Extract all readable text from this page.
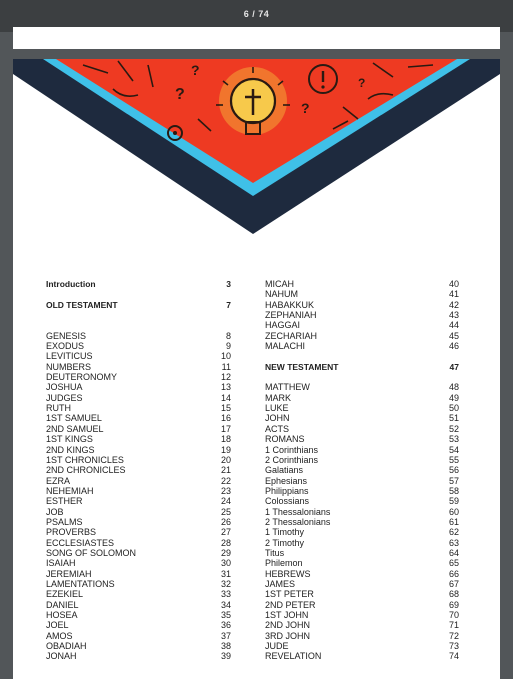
6 / 74
?
?
?
?
Introduction	3
OLD TESTAMENT	7
GENESIS	8
EXODUS	9
LEVITICUS	10
NUMBERS	11
DEUTERONOMY	12
JOSHUA	13
JUDGES	14
RUTH	15
1ST SAMUEL	16
2ND SAMUEL	17
1ST KINGS	18
2ND KINGS	19
1ST CHRONICLES	20
2ND CHRONICLES	21
EZRA	22
NEHEMIAH	23
ESTHER	24
JOB	25
PSALMS	26
PROVERBS	27
ECCLESIASTES	28
SONG OF SOLOMON	29
ISAIAH	30
JEREMIAH	31
LAMENTATIONS	32
EZEKIEL	33
DANIEL	34
HOSEA	35
JOEL	36
AMOS	37
OBADIAH	38
JONAH	39
MICAH	40
NAHUM	41
HABAKKUK	42
ZEPHANIAH	43
HAGGAI	44
ZECHARIAH	45
MALACHI	46
NEW TESTAMENT	47
MATTHEW	48
MARK	49
LUKE	50
JOHN	51
ACTS	52
ROMANS	53
1 Corinthians	54
2 Corinthians	55
Galatians	56
Ephesians	57
Philippians	58
Colossians	59
1 Thessalonians	60
2 Thessalonians	61
1 Timothy	62
2 Timothy	63
Titus	64
Philemon	65
HEBREWS	66
JAMES	67
1ST PETER	68
2ND PETER	69
1ST JOHN	70
2ND JOHN	71
3RD JOHN	72
JUDE	73
REVELATION	74
